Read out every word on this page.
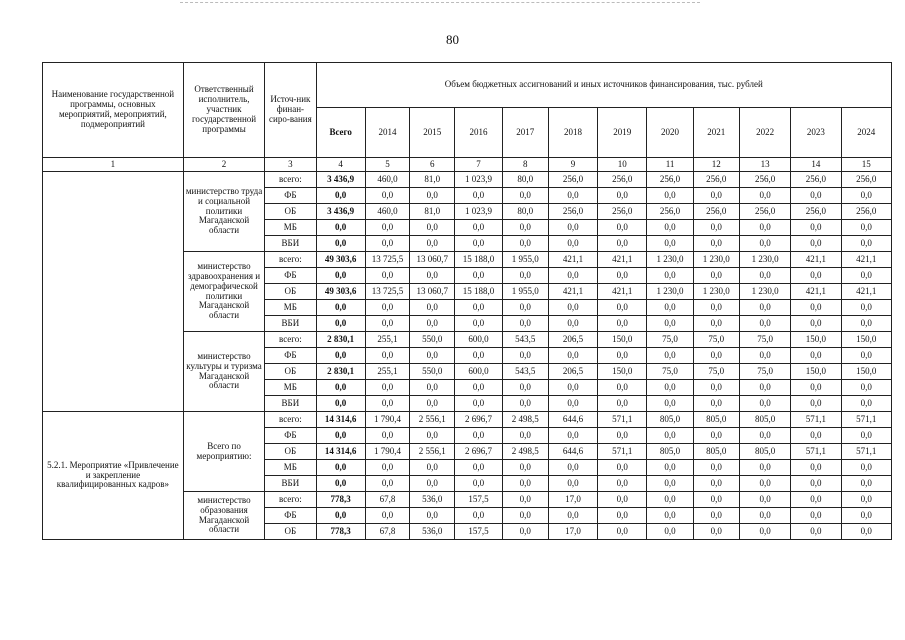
80
Наименование государственной программы, основных мероприятий, мероприятий, подмероприятий	Ответственный исполнитель, участник государственной программы	Источ-ник финан-сиро-вания	Объем бюджетных ассигнований и иных источников финансирования, тыс. рублей											
			Всего	2014	2015	2016	2017	2018	2019	2020	2021	2022	2023	2024
1	2	3	4	5	6	7	8	9	10	11	12	13	14	15
	министерство труда и социальной политики Магаданской области	всего:	3 436,9	460,0	81,0	1 023,9	80,0	256,0	256,0	256,0	256,0	256,0	256,0	256,0
		ФБ	0,0	0,0	0,0	0,0	0,0	0,0	0,0	0,0	0,0	0,0	0,0	0,0
		ОБ	3 436,9	460,0	81,0	1 023,9	80,0	256,0	256,0	256,0	256,0	256,0	256,0	256,0
		МБ	0,0	0,0	0,0	0,0	0,0	0,0	0,0	0,0	0,0	0,0	0,0	0,0
		ВБИ	0,0	0,0	0,0	0,0	0,0	0,0	0,0	0,0	0,0	0,0	0,0	0,0
	министерство здравоохранения и демографической политики Магаданской области	всего:	49 303,6	13 725,5	13 060,7	15 188,0	1 955,0	421,1	421,1	1 230,0	1 230,0	1 230,0	421,1	421,1
		ФБ	0,0	0,0	0,0	0,0	0,0	0,0	0,0	0,0	0,0	0,0	0,0	0,0
		ОБ	49 303,6	13 725,5	13 060,7	15 188,0	1 955,0	421,1	421,1	1 230,0	1 230,0	1 230,0	421,1	421,1
		МБ	0,0	0,0	0,0	0,0	0,0	0,0	0,0	0,0	0,0	0,0	0,0	0,0
		ВБИ	0,0	0,0	0,0	0,0	0,0	0,0	0,0	0,0	0,0	0,0	0,0	0,0
	министерство культуры и туризма Магаданской области	всего:	2 830,1	255,1	550,0	600,0	543,5	206,5	150,0	75,0	75,0	75,0	150,0	150,0
		ФБ	0,0	0,0	0,0	0,0	0,0	0,0	0,0	0,0	0,0	0,0	0,0	0,0
		ОБ	2 830,1	255,1	550,0	600,0	543,5	206,5	150,0	75,0	75,0	75,0	150,0	150,0
		МБ	0,0	0,0	0,0	0,0	0,0	0,0	0,0	0,0	0,0	0,0	0,0	0,0
		ВБИ	0,0	0,0	0,0	0,0	0,0	0,0	0,0	0,0	0,0	0,0	0,0	0,0
5.2.1. Мероприятие «Привлечение и закрепление квалифицированных кадров»	Всего по мероприятию:	всего:	14 314,6	1 790,4	2 556,1	2 696,7	2 498,5	644,6	571,1	805,0	805,0	805,0	571,1	571,1
		ФБ	0,0	0,0	0,0	0,0	0,0	0,0	0,0	0,0	0,0	0,0	0,0	0,0
		ОБ	14 314,6	1 790,4	2 556,1	2 696,7	2 498,5	644,6	571,1	805,0	805,0	805,0	571,1	571,1
		МБ	0,0	0,0	0,0	0,0	0,0	0,0	0,0	0,0	0,0	0,0	0,0	0,0
		ВБИ	0,0	0,0	0,0	0,0	0,0	0,0	0,0	0,0	0,0	0,0	0,0	0,0
	министерство образования Магаданской области	всего:	778,3	67,8	536,0	157,5	0,0	17,0	0,0	0,0	0,0	0,0	0,0	0,0
		ФБ	0,0	0,0	0,0	0,0	0,0	0,0	0,0	0,0	0,0	0,0	0,0	0,0
		ОБ	778,3	67,8	536,0	157,5	0,0	17,0	0,0	0,0	0,0	0,0	0,0	0,0
